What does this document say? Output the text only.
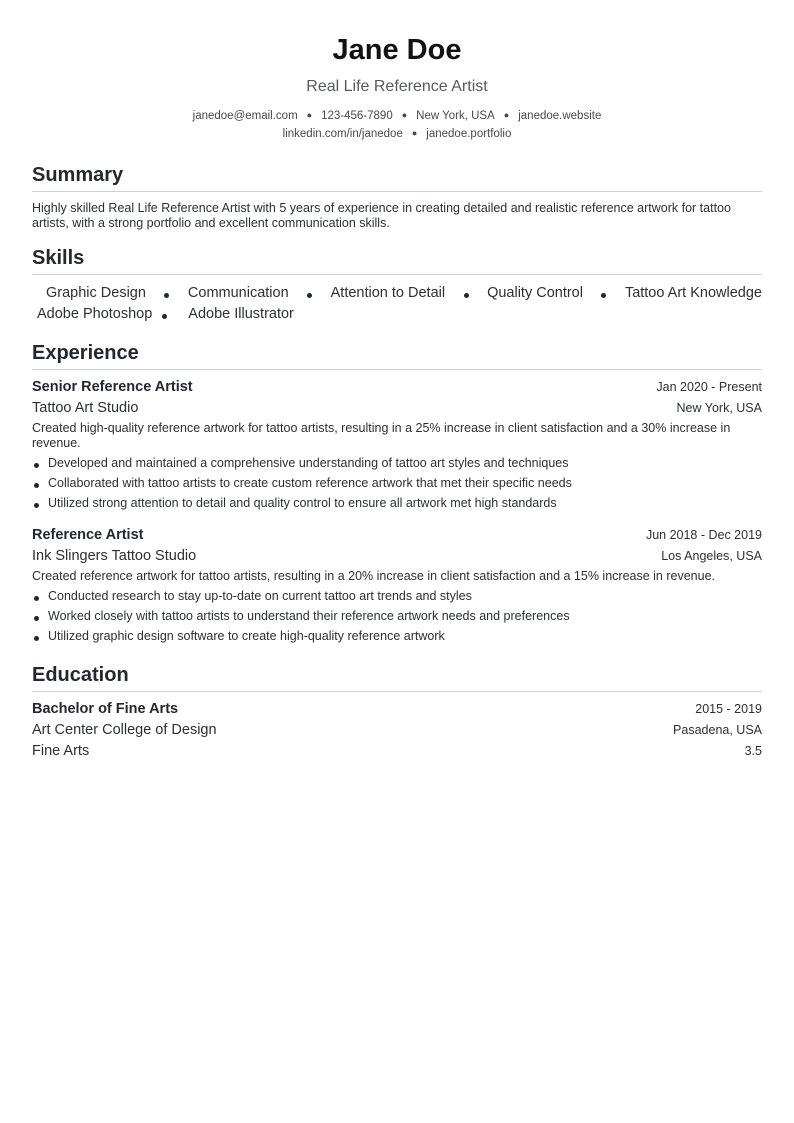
Jane Doe
Real Life Reference Artist
janedoe@email.com ● 123-456-7890 ● New York, USA ● janedoe.website
linkedin.com/in/janedoe ● janedoe.portfolio
Summary
Highly skilled Real Life Reference Artist with 5 years of experience in creating detailed and realistic reference artwork for tattoo artists, with a strong portfolio and excellent communication skills.
Skills
Graphic Design	Communication	Attention to Detail	Quality Control	Tattoo Art Knowledge
Adobe Photoshop Adobe Illustrator
Experience
Senior Reference Artist	Jan 2020 - Present
Tattoo Art Studio	New York, USA
Created high-quality reference artwork for tattoo artists, resulting in a 25% increase in client satisfaction and a 30% increase in revenue.
Developed and maintained a comprehensive understanding of tattoo art styles and techniques
Collaborated with tattoo artists to create custom reference artwork that met their specific needs
Utilized strong attention to detail and quality control to ensure all artwork met high standards
Reference Artist	Jun 2018 - Dec 2019
Ink Slingers Tattoo Studio	Los Angeles, USA
Created reference artwork for tattoo artists, resulting in a 20% increase in client satisfaction and a 15% increase in revenue.
Conducted research to stay up-to-date on current tattoo art trends and styles
Worked closely with tattoo artists to understand their reference artwork needs and preferences
Utilized graphic design software to create high-quality reference artwork
Education
Bachelor of Fine Arts	2015 - 2019
Art Center College of Design	Pasadena, USA
Fine Arts	3.5
